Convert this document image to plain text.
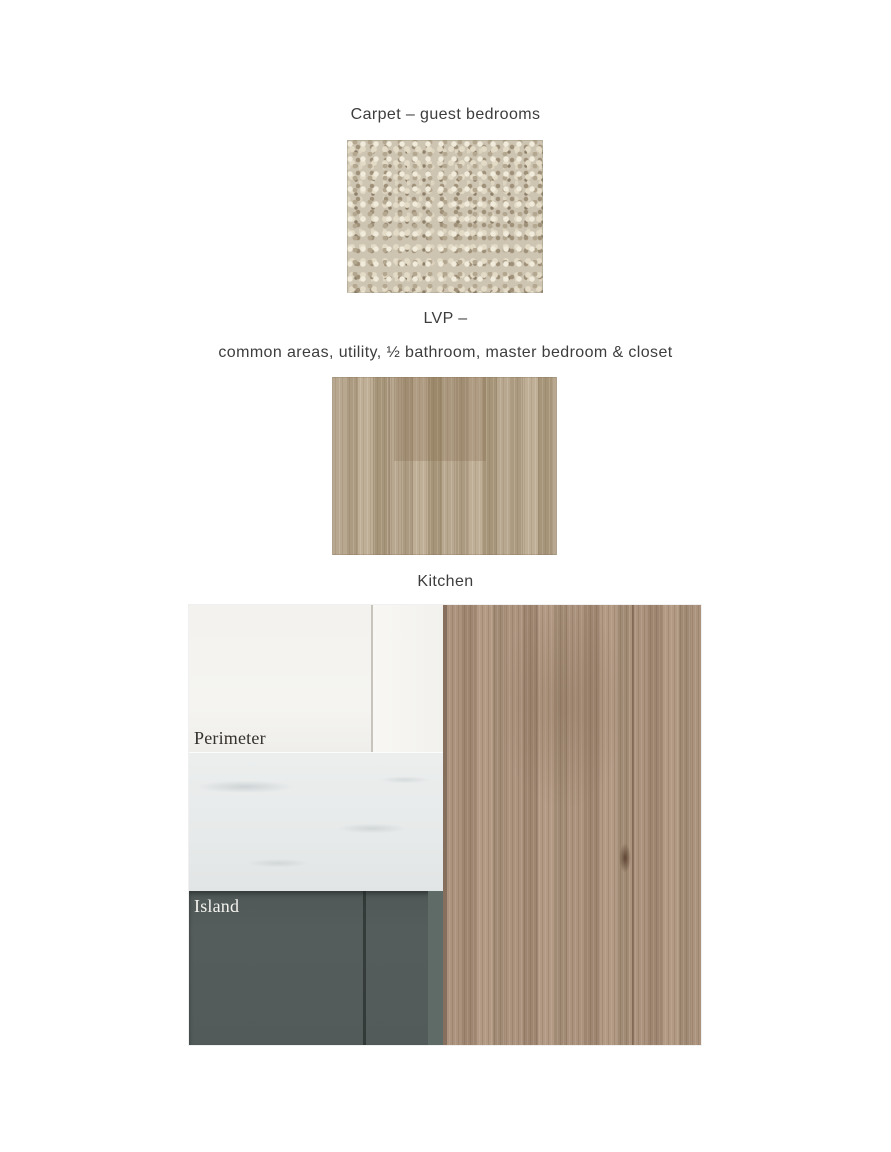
Carpet – guest bedrooms
LVP –
common areas, utility, ½ bathroom, master bedroom & closet
Kitchen
Perimeter
Island
